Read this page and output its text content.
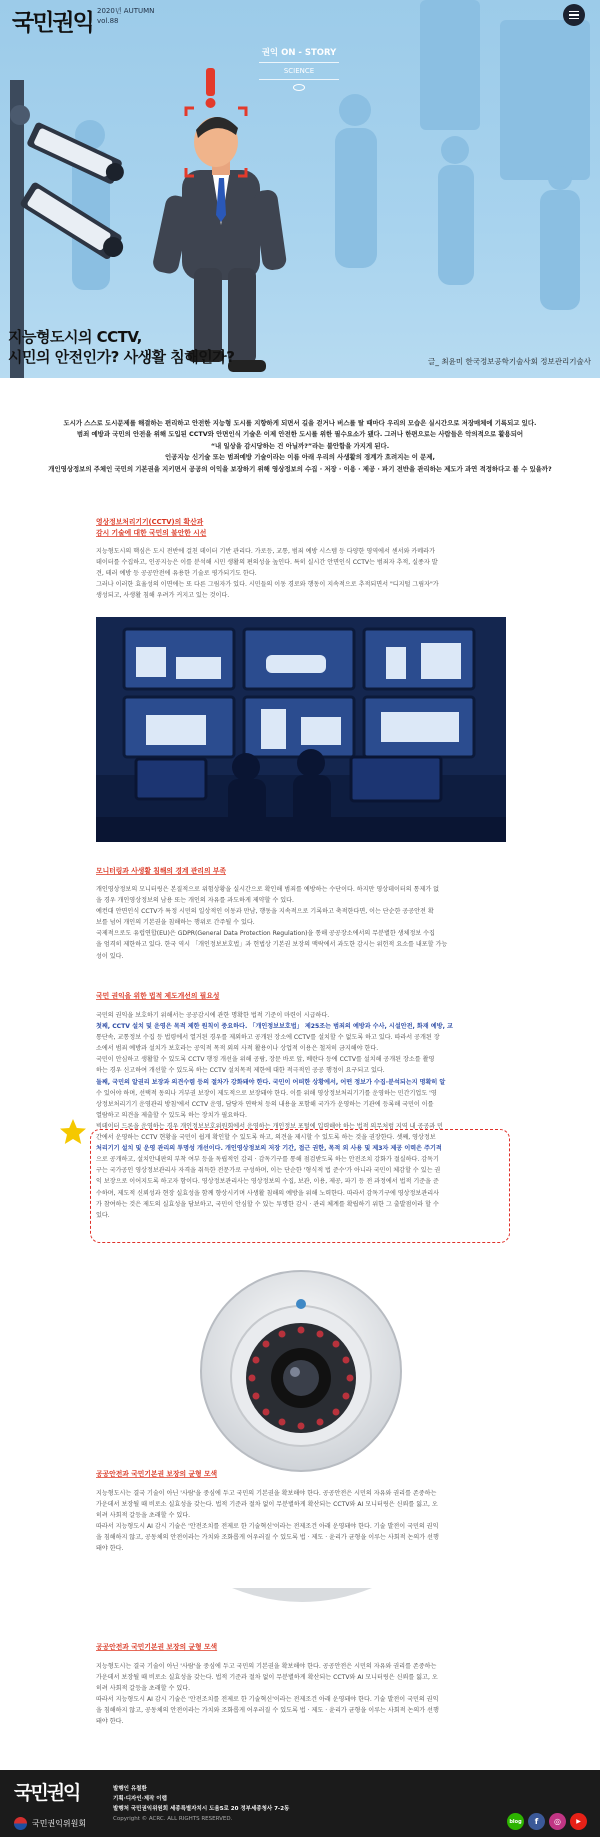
국민권익 2020년 AUTUMN
vol.88
권익 ON - STORY
SCIENCE
지능형도시의 CCTV,
시민의 안전인가? 사생활 침해인가?	글_ 최윤미 한국정보공학기술사회 정보관리기술사

도시가 스스로 도시문제를 해결하는 편리하고 안전한 지능형 도시를 지향하게 되면서 길을 걷거나 버스를 탈 때마다 우리의 모습은 실시간으로 저장매체에 기록되고 있다.

범죄 예방과 국민의 안전을 위해 도입된 CCTV와 안면인식 기술은 이제 안전한 도시를 위한 필수요소가 됐다. 그러나 한편으로는 사람들은 악의적으로 활용되어

“내 일상을 감시당하는 건 아닐까?”라는 불안함을 가지게 된다.

인공지능 신기술 또는 범죄예방 기술이라는 이름 아래 우리의 사생활의 경계가 흐려지는 이 문제,

개인영상정보의 주체인 국민의 기본권을 지키면서 공공의 이익을 보장하기 위해 영상정보의 수집 · 저장 · 이용 · 제공 · 파기 전반을 관리하는 제도가 과연 적정하다고 볼 수 있을까?

영상정보처리기기(CCTV)의 확산과
감시 기술에 대한 국민의 불안한 시선
지능형도시의 핵심은 도시 전반에 걸친 데이터 기반 관리다. 가로등, 교통, 범죄 예방 시스템 등 다양한 영역에서 센서와 카메라가
데이터를 수집하고, 인공지능은 이를 분석해 시민 생활의 편의성을 높인다. 특히 실시간 안면인식 CCTV는 범죄자 추적, 실종자 발
견, 테러 예방 등 공공안전에 유용한 기술로 평가되기도 한다.
그러나 이러한 효율성의 이면에는 또 다른 그림자가 있다. 시민들의 이동 경로와 행동이 지속적으로 추적되면서 "디지털 그림자"가
생성되고, 사생활 침해 우려가 커지고 있는 것이다.
모니터링과 사생활 침해의 경계 관리의 부족
개인영상정보의 모니터링은 본질적으로 위험상황을 실시간으로 확인해 범죄를 예방하는 수단이다. 하지만 영상데이터의 통제가 없
을 경우 개인영상정보의 남용 또는 개인의 자유를 과도하게 제약할 수 있다.
예컨대 안면인식 CCTV가 특정 시민의 일상적인 이동과 만남, 행동을 지속적으로 기록하고 축적한다면, 이는 단순한 공공안전 확
보를 넘어 개인의 기본권을 침해하는 행위로 간주될 수 있다.
국제적으로도 유럽연합(EU)은 GDPR(General Data Protection Regulation)을 통해 공공장소에서의 무분별한 생체정보 수집
을 엄격히 제한하고 있다. 한국 역시 「개인정보보호법」과 헌법상 기본권 보장의 맥락에서 과도한 감시는 위헌적 요소를 내포할 가능
성이 있다.
국민 권익을 위한 법적 제도개선의 필요성
국민의 권익을 보호하기 위해서는 공공감시에 관한 명확한 법적 기준이 마련이 시급하다.
첫째, CCTV 설치 및 운영은 목적 제한 원칙이 중요하다. 「개인정보보호법」 제25조는 범죄의 예방과 수사, 시설안전, 화재 예방, 교
통단속, 교통정보 수집 등 법령에서 열거된 경우를 제외하고 공개된 장소에 CCTV를 설치할 수 없도록 하고 있다. 따라서 공개된 장
소에서 범죄 예방과 설치가 보호라는 공익적 목적 외의 사적 활용이나 상업적 이용은 철저히 금지해야 한다.
국민이 안심하고 생활할 수 있도록 CCTV 행정 개선을 위해 공람, 장문 바로 앞, 베란다 등에 CCTV를 설치해 공개된 장소를 촬영
하는 경우 신고하여 개선할 수 있도록 하는 CCTV 설치목적 제한에 대한 적극적인 공공 행정이 요구되고 있다.
둘째, 국민의 알권리 보장과 의견수렴 등의 절차가 강화돼야 한다. 국민이 어떠한 상황에서, 어떤 정보가 수집·분석되는지 명확히 알
수 있어야 하며, 선택적 동의나 거부권 보장이 제도적으로 보장돼야 한다. 이를 위해 영상정보처리기기를 운영하는 민간기업도 '영
상정보처리기기 운영관리 방침'에서 CCTV 운영, 담당자 연락처 등의 내용을 포함해 국가가 운영하는 기관에 등록해 국민이 이를
열람하고 의견을 제출할 수 있도록 하는 장치가 필요하다.
빅데이터 드론을 운영하는 경우 개인정보보호위원회에서 운영하는 개인정보 포털에 입력해야 하는 법적 의무처럼 지역 내 공공과 민
간에서 운영하는 CCTV 현황을 국민이 쉽게 확인할 수 있도록 하고, 의견을 제시할 수 있도록 하는 것을 권장한다. 셋째, 영상정보
처리기기 설치 및 운영 관리의 투명성 개선이다. 개인영상정보의 저장 기간, 접근 권한, 목적 외 사용 및 제3자 제공 이력은 주기적
으로 공개하고, 설치안내판의 부착 여부 등을 독립적인 감리 · 감독기구를 통해 점검받도록 하는 안전조치 강화가 절실하다. 감독기
구는 국가공인 영상정보관리사 자격을 취득한 전문가로 구성하며, 이는 단순한 '형식적 법 준수'가 아니라 국민이 체감할 수 있는 권
익 보장으로 이어지도록 하고자 함이다. 영상정보관리사는 영상정보의 수집, 보관, 이용, 제공, 파기 등 전 과정에서 법적 기준을 준
수하며, 제도적 신뢰성과 현장 실효성을 함께 향상시키며 사생활 침해의 예방을 위해 노력한다. 따라서 감독기구에 영상정보관리사
가 참여하는 것은 제도의 실효성을 담보하고, 국민이 안심할 수 있는 투명한 감시 · 관리 체계를 확립하기 위한 그 출발점이라 할 수
있다.
공공안전과 국민기본권 보장의 균형 모색
지능형도시는 결국 기술이 아닌 '사람'을 중심에 두고 국민의 기본권을 확보해야 한다. 공공안전은 시민의 자유와 권리를 존중하는
가운데서 보장될 때 비로소 실효성을 갖는다. 법적 기준과 절차 없이 무분별하게 확산되는 CCTV와 AI 모니터링은 신뢰를 잃고, 오
히려 사회적 갈등을 초래할 수 있다.
따라서 지능형도시 AI 감시 기술은 '안전조치를 전제로 한 기술혁신'이라는 전제조건 아래 운영돼야 한다. 기술 발전이 국민의 권익
을 침해하지 않고, 공동체의 안전이라는 가치와 조화롭게 어우러질 수 있도록 법 · 제도 · 윤리가 균형을 이루는 사회적 논의가 선행
돼야 한다.
공공안전과 국민기본권 보장의 균형 모색
지능형도시는 결국 기술이 아닌 '사람'을 중심에 두고 국민의 기본권을 확보해야 한다. 공공안전은 시민의 자유와 권리를 존중하는
가운데서 보장될 때 비로소 실효성을 갖는다. 법적 기준과 절차 없이 무분별하게 확산되는 CCTV와 AI 모니터링은 신뢰를 잃고, 오
히려 사회적 갈등을 초래할 수 있다.
따라서 지능형도시 AI 감시 기술은 '안전조치를 전제로 한 기술혁신'이라는 전제조건 아래 운영돼야 한다. 기술 발전이 국민의 권익
을 침해하지 않고, 공동체의 안전이라는 가치와 조화롭게 어우러질 수 있도록 법 · 제도 · 윤리가 균형을 이루는 사회적 논의가 선행
돼야 한다.
국민권익
국민권익위원회
발행인 유철환
기획·디자인·제작 이랩
발행처 국민권익위원회 세종특별자치시 도움5로 20 정부세종청사 7-2동
Copyright © ACRC. ALL RIGHTS RESERVED.	blog	f	◎	▶
